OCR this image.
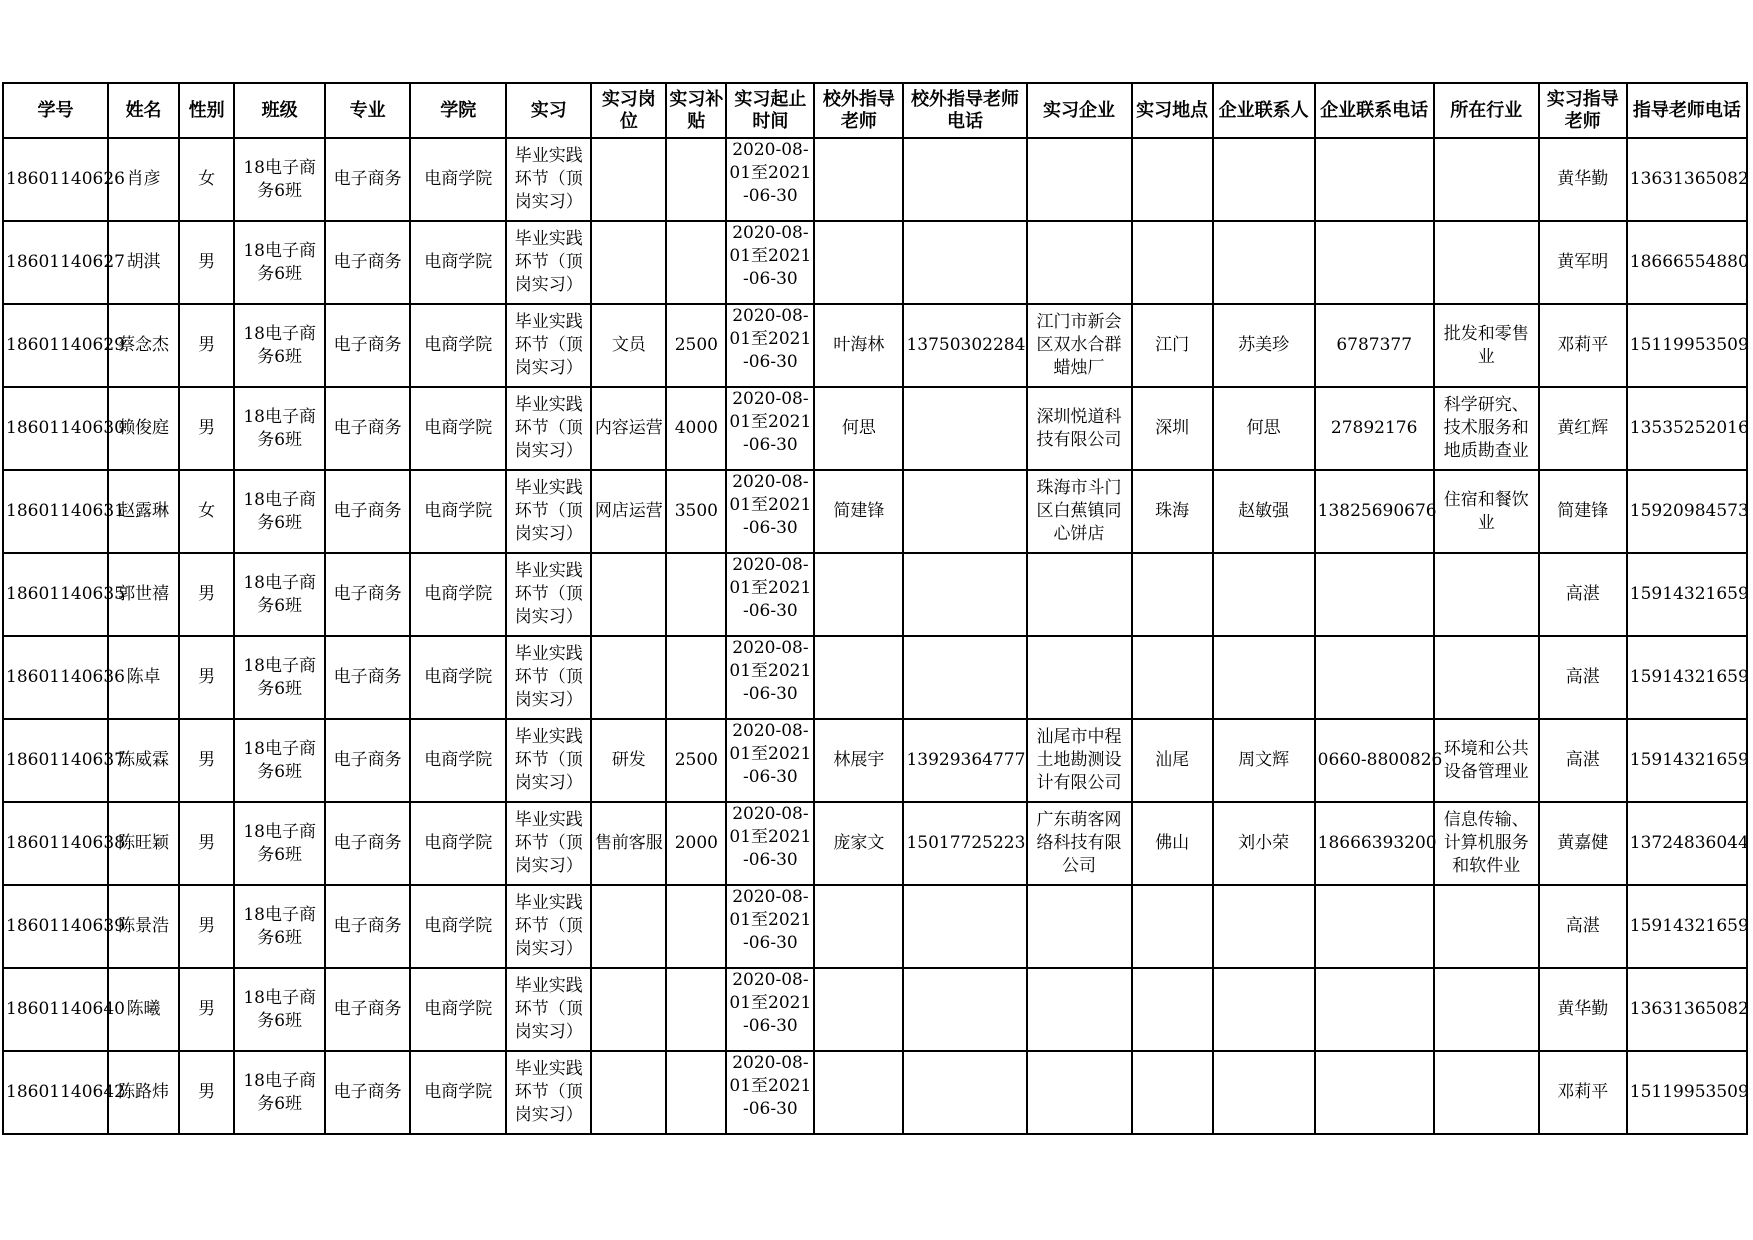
学号	姓名	性别	班级	专业	学院	实习	实习岗位	实习补贴	实习起止时间	校外指导老师	校外指导老师电话	实习企业	实习地点	企业联系人	企业联系电话	所在行业	实习指导老师	指导老师电话
18601140626	肖彦	女	18电子商务6班	电子商务	电商学院	毕业实践环节（顶岗实习）			2020-08-01至2021-06-30								黄华勤	13631365082
18601140627	胡淇	男	18电子商务6班	电子商务	电商学院	毕业实践环节（顶岗实习）			2020-08-01至2021-06-30								黄军明	18666554880
18601140629	蔡念杰	男	18电子商务6班	电子商务	电商学院	毕业实践环节（顶岗实习）	文员	2500	2020-08-01至2021-06-30	叶海林	13750302284	江门市新会区双水合群蜡烛厂	江门	苏美珍	6787377	批发和零售业	邓莉平	15119953509
18601140630	赖俊庭	男	18电子商务6班	电子商务	电商学院	毕业实践环节（顶岗实习）	内容运营	4000	2020-08-01至2021-06-30	何思		深圳悦道科技有限公司	深圳	何思	27892176	科学研究、技术服务和地质勘查业	黄红辉	13535252016
18601140631	赵露琳	女	18电子商务6班	电子商务	电商学院	毕业实践环节（顶岗实习）	网店运营	3500	2020-08-01至2021-06-30	简建锋		珠海市斗门区白蕉镇同心饼店	珠海	赵敏强	13825690676	住宿和餐饮业	简建锋	15920984573
18601140635	郭世禧	男	18电子商务6班	电子商务	电商学院	毕业实践环节（顶岗实习）			2020-08-01至2021-06-30								高湛	15914321659
18601140636	陈卓	男	18电子商务6班	电子商务	电商学院	毕业实践环节（顶岗实习）			2020-08-01至2021-06-30								高湛	15914321659
18601140637	陈威霖	男	18电子商务6班	电子商务	电商学院	毕业实践环节（顶岗实习）	研发	2500	2020-08-01至2021-06-30	林展宇	13929364777	汕尾市中程土地勘测设计有限公司	汕尾	周文辉	0660-8800826	环境和公共设备管理业	高湛	15914321659
18601140638	陈旺颖	男	18电子商务6班	电子商务	电商学院	毕业实践环节（顶岗实习）	售前客服	2000	2020-08-01至2021-06-30	庞家文	15017725223	广东萌客网络科技有限公司	佛山	刘小荣	18666393200	信息传输、计算机服务和软件业	黄嘉健	13724836044
18601140639	陈景浩	男	18电子商务6班	电子商务	电商学院	毕业实践环节（顶岗实习）			2020-08-01至2021-06-30								高湛	15914321659
18601140640	陈曦	男	18电子商务6班	电子商务	电商学院	毕业实践环节（顶岗实习）			2020-08-01至2021-06-30								黄华勤	13631365082
18601140642	陈路炜	男	18电子商务6班	电子商务	电商学院	毕业实践环节（顶岗实习）			2020-08-01至2021-06-30								邓莉平	15119953509
